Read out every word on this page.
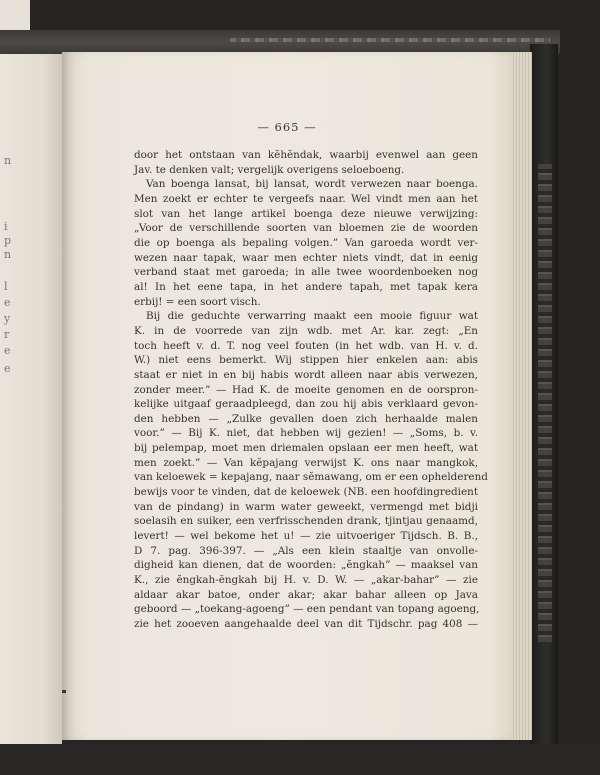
n
i
p
n
l
e
y
r
e
e
— 665 —
door het ontstaan van kĕhĕndak, waarbij evenwel aan geen
Jav. te denken valt; vergelijk overigens seloeboeng.
Van boenga lansat, bij lansat, wordt verwezen naar boenga.
Men zoekt er echter te vergeefs naar. Wel vindt men aan het
slot van het lange artikel boenga deze nieuwe verwijzing:
„Voor de verschillende soorten van bloemen zie de woorden
die op boenga als bepaling volgen.” Van garoeda wordt ver-
wezen naar tapak, waar men echter niets vindt, dat in eenig
verband staat met garoeda; in alle twee woordenboeken nog
al! In het eene tapa, in het andere tapah, met tapak kera
erbij! = een soort visch.
Bij die geduchte verwarring maakt een mooie figuur wat
K. in de voorrede van zijn wdb. met Ar. kar. zegt: „En
toch heeft v. d. T. nog veel fouten (in het wdb. van H. v. d.
W.) niet eens bemerkt. Wij stippen hier enkelen aan: abis
staat er niet in en bij habis wordt alleen naar abis verwezen,
zonder meer.” — Had K. de moeite genomen en de oorspron-
kelijke uitgaaf geraadpleegd, dan zou hij abis verklaard gevon-
den hebben — „Zulke gevallen doen zich herhaalde malen
voor.” — Bij K. niet, dat hebben wij gezien! — „Soms, b. v.
bij pelempap, moet men driemalen opslaan eer men heeft, wat
men zoekt.” — Van kĕpajang verwijst K. ons naar mangkok,
van keloewek = kepajang, naar sĕmawang, om er een ophelderend
bewijs voor te vinden, dat de keloewek (NB. een hoofdingredient
van de pindang) in warm water geweekt, vermengd met bidji
soelasih en suiker, een verfrisschenden drank, tjintjau genaamd,
levert! — wel bekome het u! — zie uitvoeriger Tijdsch. B. B.,
D 7. pag. 396-397. — „Als een klein staaltje van onvolle-
digheid kan dienen, dat de woorden: „ĕngkah” — maaksel van
K., zie ĕngkah-ĕngkah bij H. v. D. W. — „akar-bahar” — zie
aldaar akar batoe, onder akar; akar bahar alleen op Java
geboord — „toekang-agoeng” — een pendant van topang agoeng,
zie het zooeven aangehaalde deel van dit Tijdschr. pag 408 —
